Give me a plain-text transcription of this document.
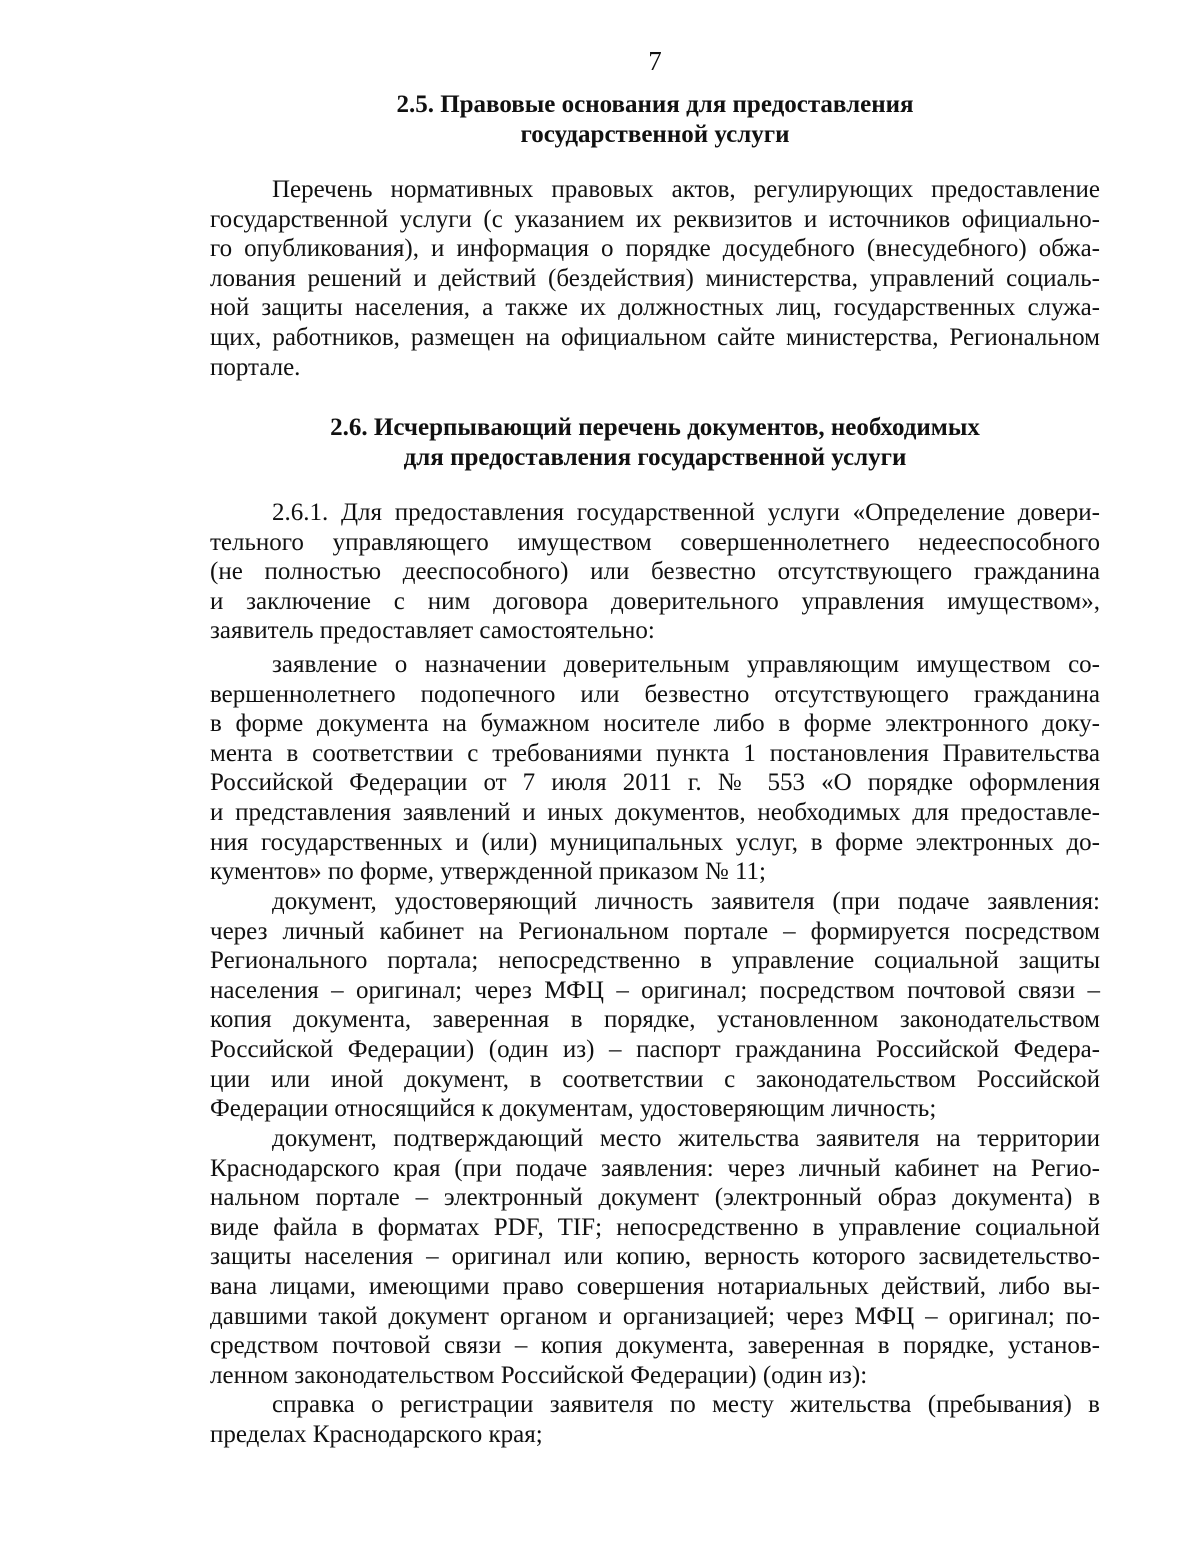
7
2.5. Правовые основания для предоставления
государственной услуги
Перечень нормативных правовых актов, регулирующих предоставление
государственной услуги (с указанием их реквизитов и источников официально-
го опубликования), и информация о порядке досудебного (внесудебного) обжа-
лования решений и действий (бездействия) министерства, управлений социаль-
ной защиты населения, а также их должностных лиц, государственных служа-
щих, работников, размещен на официальном сайте министерства, Региональном
портале.
2.6. Исчерпывающий перечень документов, необходимых
для предоставления государственной услуги
2.6.1. Для предоставления государственной услуги «Определение довери-
тельного управляющего имуществом совершеннолетнего недееспособного
(не полностью дееспособного) или безвестно отсутствующего гражданина
и заключение с ним договора доверительного управления имуществом»,
заявитель предоставляет самостоятельно:
заявление о назначении доверительным управляющим имуществом со-
вершеннолетнего подопечного или безвестно отсутствующего гражданина
в форме документа на бумажном носителе либо в форме электронного доку-
мента в соответствии с требованиями пункта 1 постановления Правительства
Российской Федерации от 7 июля 2011 г. № 553 «О порядке оформления
и представления заявлений и иных документов, необходимых для предоставле-
ния государственных и (или) муниципальных услуг, в форме электронных до-
кументов» по форме, утвержденной приказом № 11;
документ, удостоверяющий личность заявителя (при подаче заявления:
через личный кабинет на Региональном портале – формируется посредством
Регионального портала; непосредственно в управление социальной защиты
населения – оригинал; через МФЦ – оригинал; посредством почтовой связи –
копия документа, заверенная в порядке, установленном законодательством
Российской Федерации) (один из) – паспорт гражданина Российской Федера-
ции или иной документ, в соответствии с законодательством Российской
Федерации относящийся к документам, удостоверяющим личность;
документ, подтверждающий место жительства заявителя на территории
Краснодарского края (при подаче заявления: через личный кабинет на Регио-
нальном портале – электронный документ (электронный образ документа) в
виде файла в форматах PDF, TIF; непосредственно в управление социальной
защиты населения – оригинал или копию, верность которого засвидетельство-
вана лицами, имеющими право совершения нотариальных действий, либо вы-
давшими такой документ органом и организацией; через МФЦ – оригинал; по-
средством почтовой связи – копия документа, заверенная в порядке, установ-
ленном законодательством Российской Федерации) (один из):
справка о регистрации заявителя по месту жительства (пребывания) в
пределах Краснодарского края;
